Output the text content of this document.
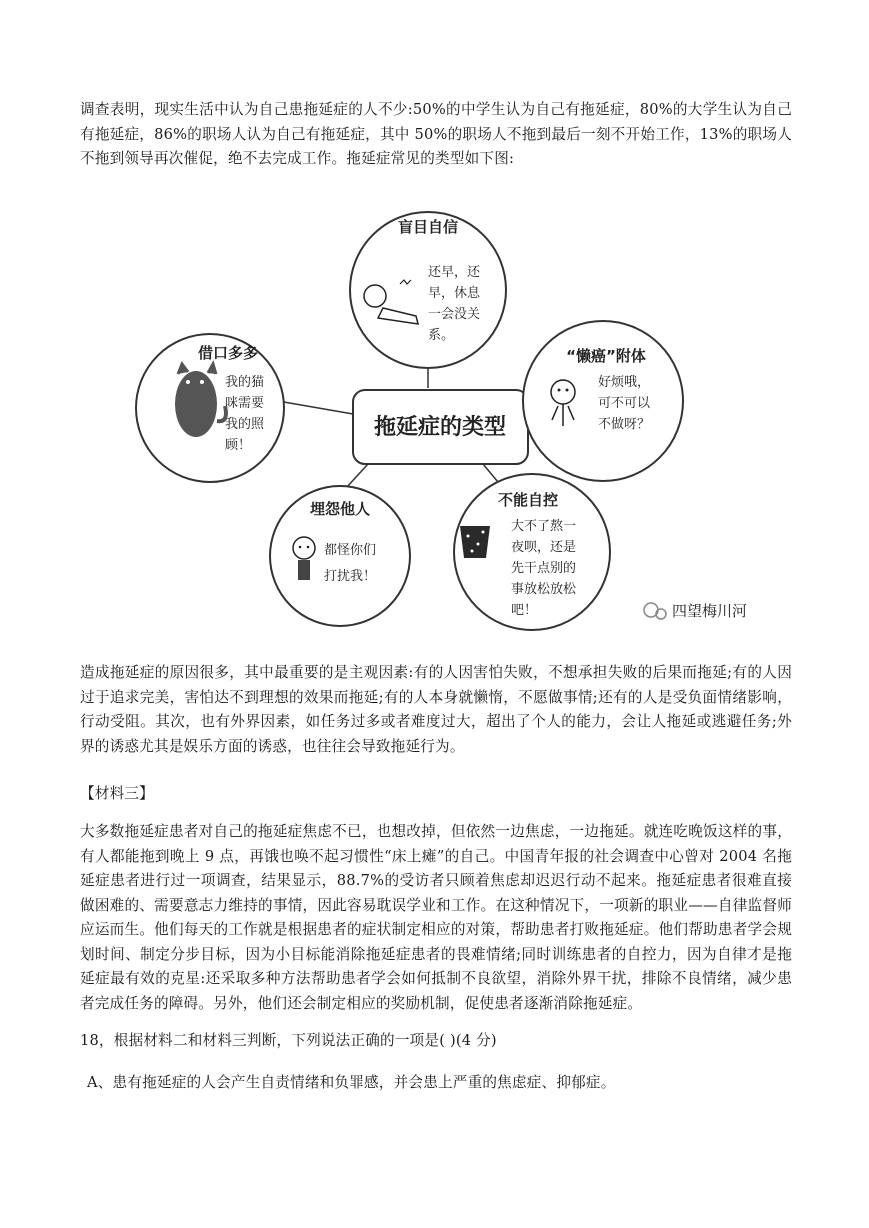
调查表明，现实生活中认为自己患拖延症的人不少:50%的中学生认为自己有拖延症，80%的大学生认为自己有拖延症，86%的职场人认为自己有拖延症，其中 50%的职场人不拖到最后一刻不开始工作，13%的职场人不拖到领导再次催促，绝不去完成工作。拖延症常见的类型如下图:

拖延症的类型
盲目自信
还早，还
早，休息
一会没关
系。
借口多多
我的猫
咪需要
我的照
顾！
“懒癌”附体
好烦哦，
可不可以
不做呀？
埋怨他人
都怪你们
打扰我！
不能自控
大不了熬一
夜呗，还是
先干点别的
事放松放松
吧！	四望梅川河

造成拖延症的原因很多，其中最重要的是主观因素:有的人因害怕失败，不想承担失败的后果而拖延;有的人因过于追求完美，害怕达不到理想的效果而拖延;有的人本身就懒惰，不愿做事情;还有的人是受负面情绪影响，行动受阻。其次，也有外界因素，如任务过多或者难度过大，超出了个人的能力，会让人拖延或逃避任务;外界的诱惑尤其是娱乐方面的诱惑，也往往会导致拖延行为。

【材料三】

大多数拖延症患者对自己的拖延症焦虑不已，也想改掉，但依然一边焦虑，一边拖延。就连吃晚饭这样的事，有人都能拖到晚上 9 点，再饿也唤不起习惯性“床上瘫”的自己。中国青年报的社会调查中心曾对 2004 名拖延症患者进行过一项调查，结果显示，88.7%的受访者只顾着焦虑却迟迟行动不起来。拖延症患者很难直接做困难的、需要意志力维持的事情，因此容易耽误学业和工作。在这种情况下，一项新的职业——自律监督师应运而生。他们每天的工作就是根据患者的症状制定相应的对策，帮助患者打败拖延症。他们帮助患者学会规划时间、制定分步目标，因为小目标能消除拖延症患者的畏难情绪;同时训练患者的自控力，因为自律才是拖延症最有效的克星:还采取多种方法帮助患者学会如何抵制不良欲望，消除外界干扰，排除不良情绪，减少患者完成任务的障碍。另外，他们还会制定相应的奖励机制，促使患者逐渐消除拖延症。

18，根据材料二和材料三判断，下列说法正确的一项是( )(4 分)

A、患有拖延症的人会产生自责情绪和负罪感，并会患上严重的焦虑症、抑郁症。
